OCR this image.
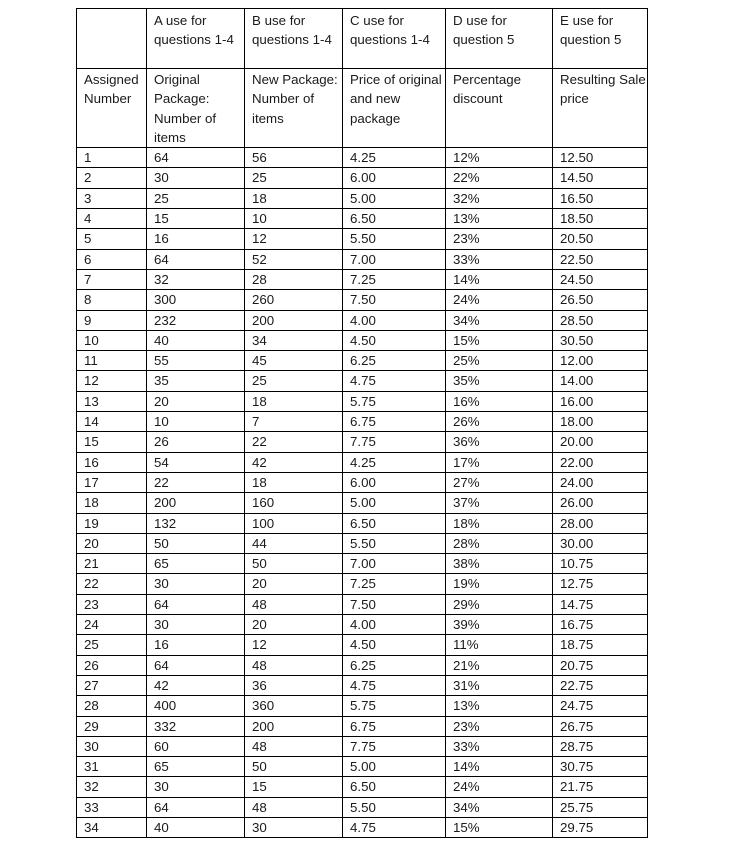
	A use for questions 1-4	B use for questions 1-4	C use for questions 1-4	D use for question 5	E use for question 5
Assigned Number	Original Package: Number of items	New Package: Number of items	Price of original and new package	Percentage discount	Resulting Sale price
1	64	56	4.25	12%	12.50
2	30	25	6.00	22%	14.50
3	25	18	5.00	32%	16.50
4	15	10	6.50	13%	18.50
5	16	12	5.50	23%	20.50
6	64	52	7.00	33%	22.50
7	32	28	7.25	14%	24.50
8	300	260	7.50	24%	26.50
9	232	200	4.00	34%	28.50
10	40	34	4.50	15%	30.50
11	55	45	6.25	25%	12.00
12	35	25	4.75	35%	14.00
13	20	18	5.75	16%	16.00
14	10	7	6.75	26%	18.00
15	26	22	7.75	36%	20.00
16	54	42	4.25	17%	22.00
17	22	18	6.00	27%	24.00
18	200	160	5.00	37%	26.00
19	132	100	6.50	18%	28.00
20	50	44	5.50	28%	30.00
21	65	50	7.00	38%	10.75
22	30	20	7.25	19%	12.75
23	64	48	7.50	29%	14.75
24	30	20	4.00	39%	16.75
25	16	12	4.50	11%	18.75
26	64	48	6.25	21%	20.75
27	42	36	4.75	31%	22.75
28	400	360	5.75	13%	24.75
29	332	200	6.75	23%	26.75
30	60	48	7.75	33%	28.75
31	65	50	5.00	14%	30.75
32	30	15	6.50	24%	21.75
33	64	48	5.50	34%	25.75
34	40	30	4.75	15%	29.75
